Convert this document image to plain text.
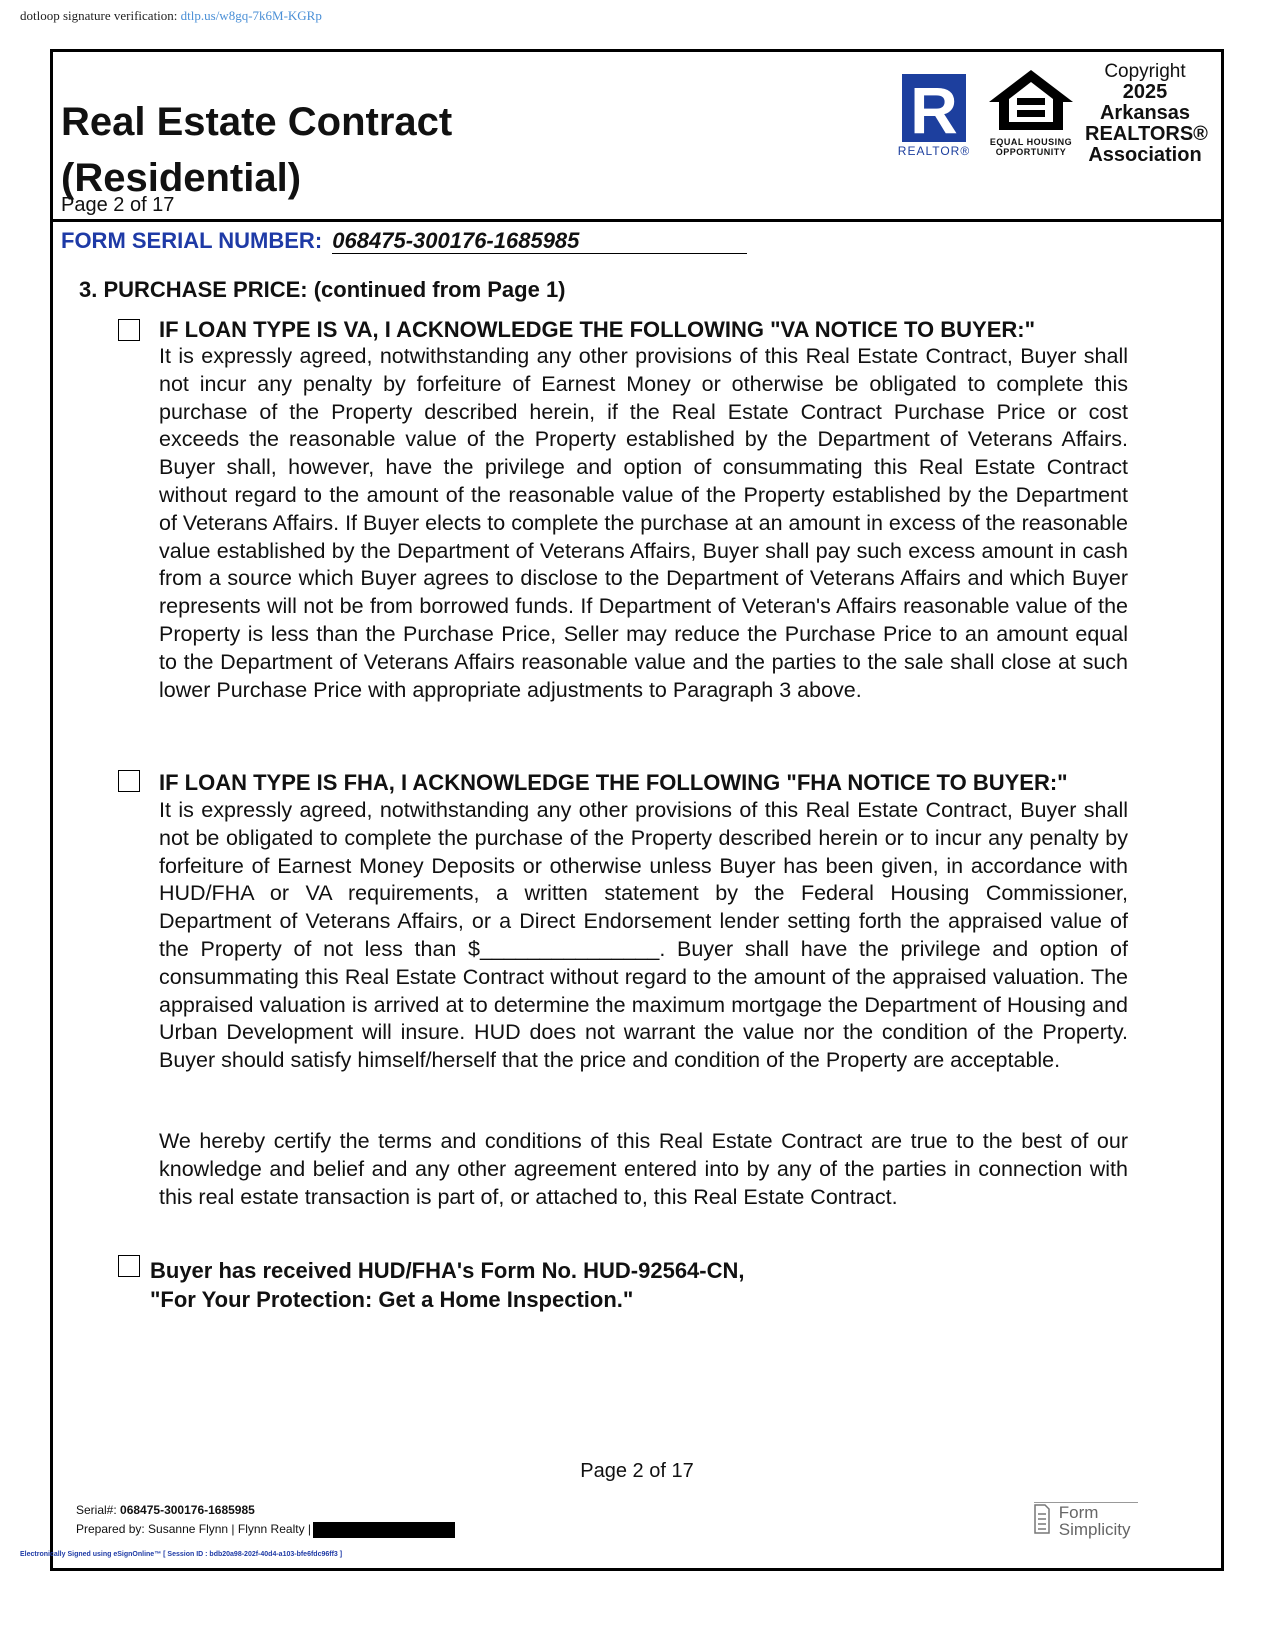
dotloop signature verification: dtlp.us/w8gq-7k6M-KGRp
Real Estate Contract
(Residential)
Page 2 of 17
R
REALTOR®
EQUAL HOUSING
OPPORTUNITY
Copyright
2025
Arkansas
REALTORS®
Association
FORM SERIAL NUMBER: 068475-300176-1685985
3. PURCHASE PRICE: (continued from Page 1)
IF LOAN TYPE IS VA, I ACKNOWLEDGE THE FOLLOWING "VA NOTICE TO BUYER:"
It is expressly agreed, notwithstanding any other provisions of this Real Estate Contract, Buyer shall not incur any penalty by forfeiture of Earnest Money or otherwise be obligated to complete this purchase of the Property described herein, if the Real Estate Contract Purchase Price or cost exceeds the reasonable value of the Property established by the Department of Veterans Affairs. Buyer shall, however, have the privilege and option of consummating this Real Estate Contract without regard to the amount of the reasonable value of the Property established by the Department of Veterans Affairs. If Buyer elects to complete the purchase at an amount in excess of the reasonable value established by the Department of Veterans Affairs, Buyer shall pay such excess amount in cash from a source which Buyer agrees to disclose to the Department of Veterans Affairs and which Buyer represents will not be from borrowed funds. If Department of Veteran's Affairs reasonable value of the Property is less than the Purchase Price, Seller may reduce the Purchase Price to an amount equal to the Department of Veterans Affairs reasonable value and the parties to the sale shall close at such lower Purchase Price with appropriate adjustments to Paragraph 3 above.
IF LOAN TYPE IS FHA, I ACKNOWLEDGE THE FOLLOWING "FHA NOTICE TO BUYER:"
It is expressly agreed, notwithstanding any other provisions of this Real Estate Contract, Buyer shall not be obligated to complete the purchase of the Property described herein or to incur any penalty by forfeiture of Earnest Money Deposits or otherwise unless Buyer has been given, in accordance with HUD/FHA or VA requirements, a written statement by the Federal Housing Commissioner, Department of Veterans Affairs, or a Direct Endorsement lender setting forth the appraised value of the Property of not less than $_______________. Buyer shall have the privilege and option of consummating this Real Estate Contract without regard to the amount of the appraised valuation. The appraised valuation is arrived at to determine the maximum mortgage the Department of Housing and Urban Development will insure. HUD does not warrant the value nor the condition of the Property. Buyer should satisfy himself/herself that the price and condition of the Property are acceptable.
We hereby certify the terms and conditions of this Real Estate Contract are true to the best of our knowledge and belief and any other agreement entered into by any of the parties in connection with this real estate transaction is part of, or attached to, this Real Estate Contract.
Buyer has received HUD/FHA's Form No. HUD-92564-CN,
"For Your Protection: Get a Home Inspection."
Page 2 of 17
Serial#: 068475-300176-1685985
Prepared by: Susanne Flynn | Flynn Realty |

Form
Simplicity
Electronically Signed using eSignOnline™ [ Session ID : bdb20a98-202f-40d4-a103-bfe6fdc96ff3 ]
